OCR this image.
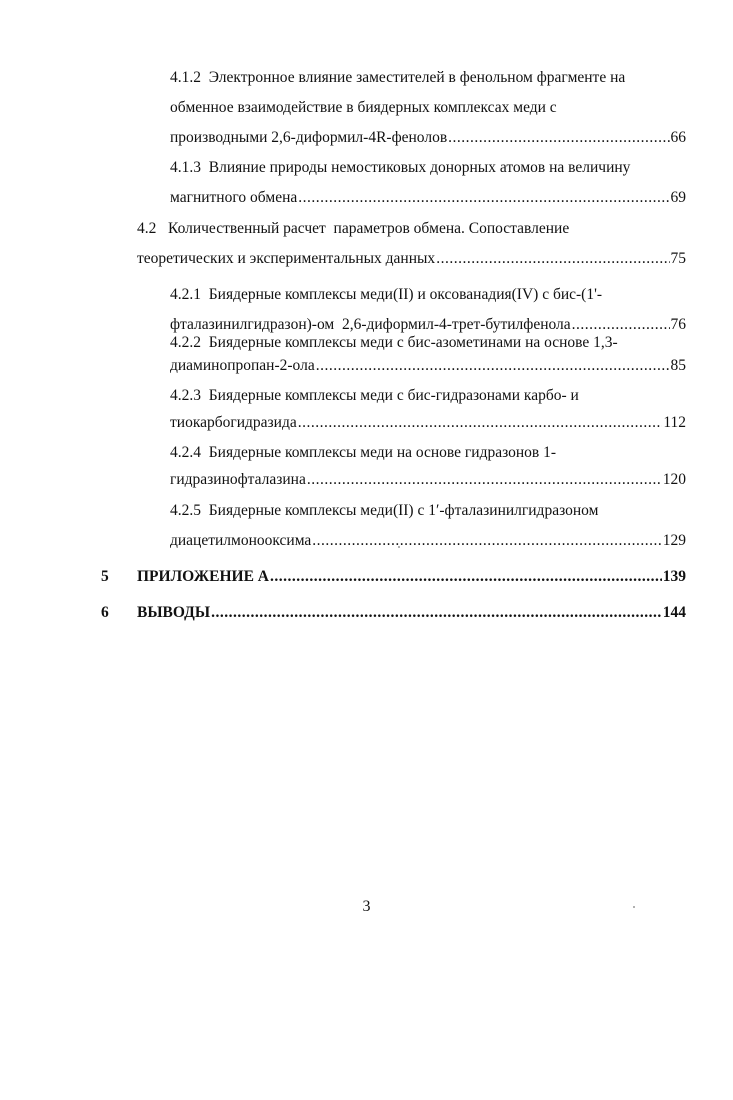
4.1.2
Электронное влияние заместителей в фенольном фрагменте на
обменное взаимодействие в биядерных комплексах меди с
производными 2,6-диформил-4R-фенолов .....	66
4.1.3
Влияние природы немостиковых донорных атомов на величину
магнитного обмена .....	69
4.2
Количественный расчет  параметров обмена. Сопоставление
теоретических и экспериментальных данных .....	75
4.2.1
Биядерные комплексы меди(II) и оксованадия(IV) с бис-(1'-
фталазинилгидразон)-ом  2,6-диформил-4-трет-бутилфенола .....	76
4.2.2
Биядерные комплексы меди с бис-азометинами на основе 1,3-
диаминопропан-2-ола .....	85
4.2.3
Биядерные комплексы меди с бис-гидразонами карбо- и
тиокарбогидразида .....	112
4.2.4
Биядерные комплексы меди на основе гидразонов 1-
гидразинофталазина .....	120
4.2.5
Биядерные комплексы меди(II) с 1′-фталазинилгидразоном
диацетилмонооксима .....	129
5 ПРИЛОЖЕНИЕ А .....	139
6 ВЫВОДЫ .....	144
3
